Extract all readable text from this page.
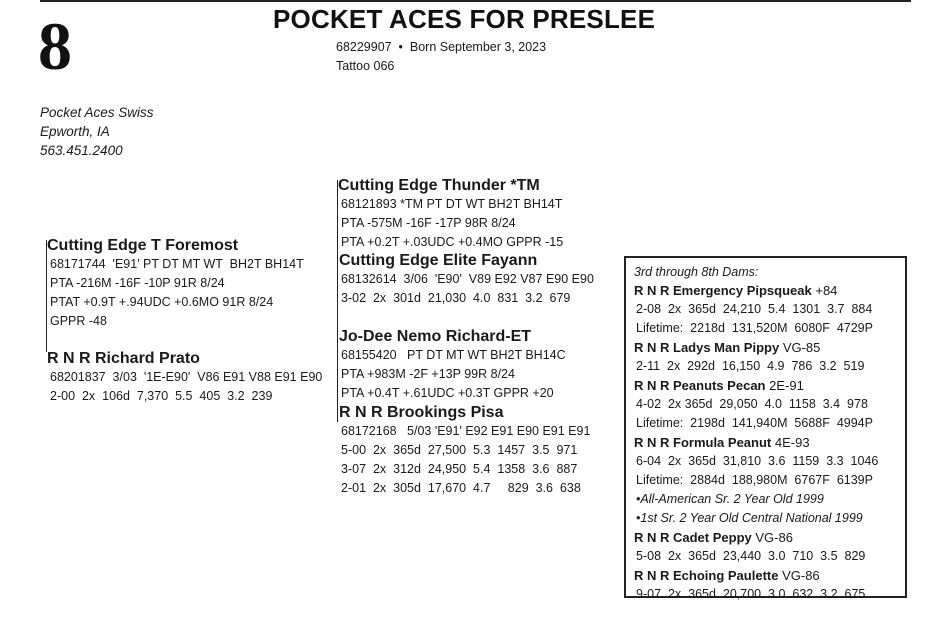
8	POCKET ACES FOR PRESLEE
68229907  •  Born September 3, 2023
Tattoo 066
Pocket Aces Swiss
Epworth, IA
563.451.2400
Cutting Edge Thunder *TM
68121893 *TM PT DT WT BH2T BH14T
PTA -575M -16F -17P 98R 8/24
PTA +0.2T +.03UDC +0.4MO GPPR -15
Cutting Edge Elite Fayann
68132614  3/06  'E90'  V89 E92 V87 E90 E90
3-02  2x  301d  21,030  4.0  831  3.2  679
Cutting Edge T Foremost
68171744  'E91' PT DT MT WT  BH2T BH14T
PTA -216M -16F -10P 91R 8/24
PTAT +0.9T +.94UDC +0.6MO 91R 8/24
GPPR -48
R N R Richard Prato
68201837  3/03  '1E-E90'  V86 E91 V88 E91 E90
2-00  2x  106d  7,370  5.5  405  3.2  239
Jo-Dee Nemo Richard-ET
68155420   PT DT MT WT BH2T BH14C
PTA +983M -2F +13P 99R 8/24
PTA +0.4T +.61UDC +0.3T GPPR +20
R N R Brookings Pisa
68172168   5/03 'E91' E92 E91 E90 E91 E91
5-00  2x  365d  27,500  5.3  1457  3.5  971
3-07  2x  312d  24,950  5.4  1358  3.6  887
2-01  2x  305d  17,670  4.7     829  3.6  638
3rd through 8th Dams:
R N R Emergency Pipsqueak +84
2-08  2x  365d  24,210  5.4  1301  3.7  884
Lifetime:  2218d  131,520M  6080F  4729P
R N R Ladys Man Pippy VG-85
2-11  2x  292d  16,150  4.9  786  3.2  519
R N R Peanuts Pecan 2E-91
4-02  2x 365d  29,050  4.0  1158  3.4  978
Lifetime:  2198d  141,940M  5688F  4994P
R N R Formula Peanut 4E-93
6-04  2x  365d  31,810  3.6  1159  3.3  1046
Lifetime:  2884d  188,980M  6767F  6139P
•All-American Sr. 2 Year Old 1999
•1st Sr. 2 Year Old Central National 1999
R N R Cadet Peppy VG-86
5-08  2x  365d  23,440  3.0  710  3.5  829
R N R Echoing Paulette VG-86
9-07  2x  365d  20,700  3.0  632  3.2  675
